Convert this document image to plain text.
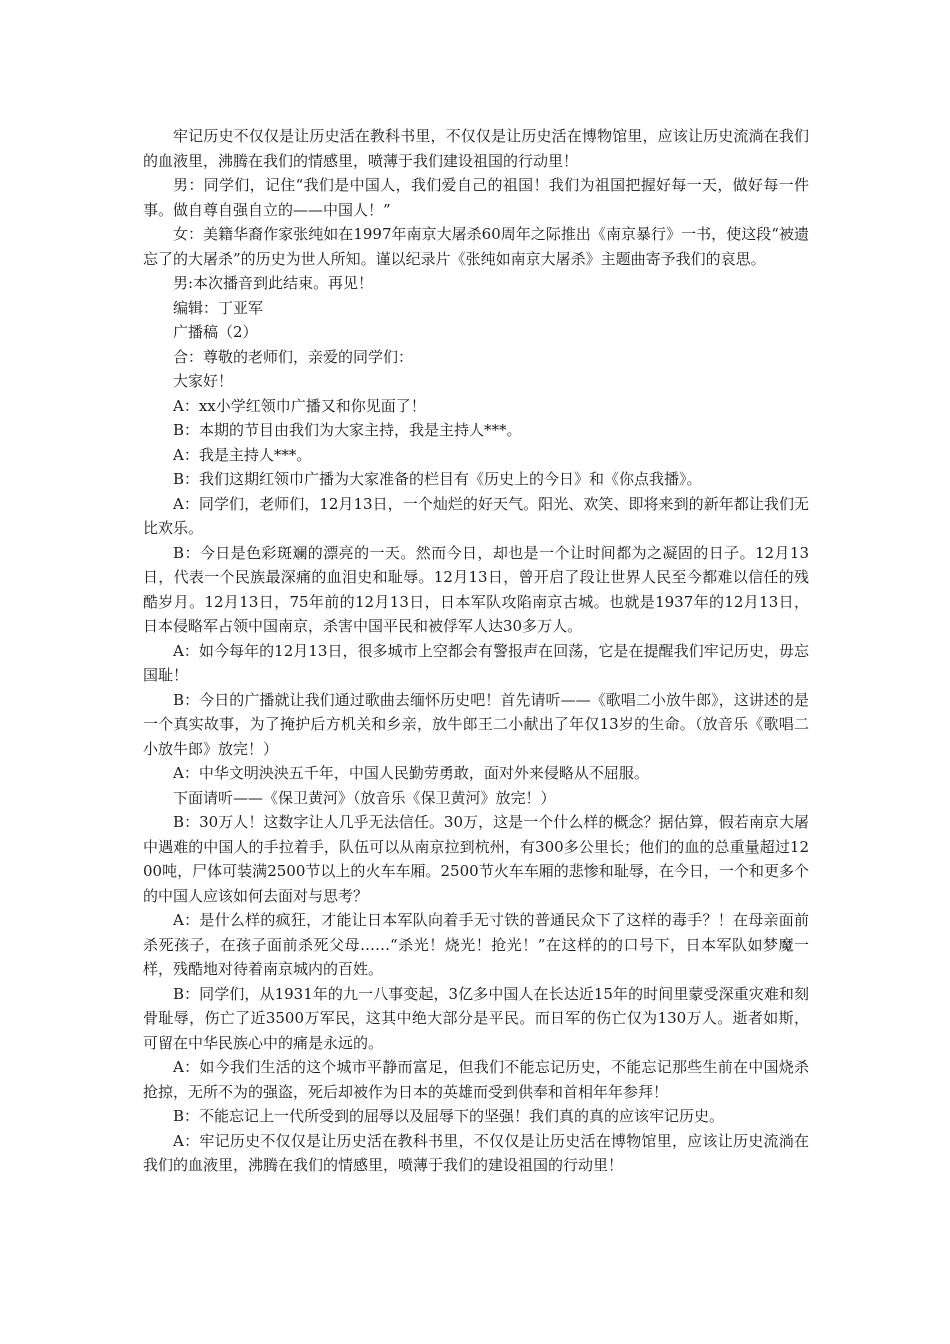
牢记历史不仅仅是让历史活在教科书里，不仅仅是让历史活在博物馆里，应该让历史流淌在我们的血液里，沸腾在我们的情感里，喷薄于我们建设祖国的行动里！

男：同学们，记住“我们是中国人，我们爱自己的祖国！我们为祖国把握好每一天，做好每一件事。做自尊自强自立的——中国人！”

女：美籍华裔作家张纯如在1997年南京大屠杀60周年之际推出《南京暴行》一书，使这段“被遗忘了的大屠杀”的历史为世人所知。谨以纪录片《张纯如南京大屠杀》主题曲寄予我们的哀思。

男:本次播音到此结束。再见！

编辑：丁亚军

广播稿（2）

合：尊敬的老师们，亲爱的同学们：

大家好！

A：xx小学红领巾广播又和你见面了！

B：本期的节目由我们为大家主持，我是主持人***。

A：我是主持人***。

B：我们这期红领巾广播为大家准备的栏目有《历史上的今日》和《你点我播》。

A：同学们，老师们，12月13日，一个灿烂的好天气。阳光、欢笑、即将来到的新年都让我们无比欢乐。

B：今日是色彩斑斓的漂亮的一天。然而今日，却也是一个让时间都为之凝固的日子。12月13日，代表一个民族最深痛的血泪史和耻辱。12月13日，曾开启了段让世界人民至今都难以信任的残酷岁月。12月13日，75年前的12月13日，日本军队攻陷南京古城。也就是1937年的12月13日，日本侵略军占领中国南京，杀害中国平民和被俘军人达30多万人。

A：如今每年的12月13日，很多城市上空都会有警报声在回荡，它是在提醒我们牢记历史，毋忘国耻！

B：今日的广播就让我们通过歌曲去缅怀历史吧！首先请听——《歌唱二小放牛郎》，这讲述的是一个真实故事，为了掩护后方机关和乡亲，放牛郎王二小献出了年仅13岁的生命。（放音乐《歌唱二小放牛郎》放完！）

A：中华文明泱泱五千年，中国人民勤劳勇敢，面对外来侵略从不屈服。

下面请听——《保卫黄河》（放音乐《保卫黄河》放完！）

B：30万人！这数字让人几乎无法信任。30万，这是一个什么样的概念？据估算，假若南京大屠中遇难的中国人的手拉着手，队伍可以从南京拉到杭州，有300多公里长；他们的血的总重量超过1200吨，尸体可装满2500节以上的火车车厢。2500节火车车厢的悲惨和耻辱，在今日，一个和更多个的中国人应该如何去面对与思考？

A：是什么样的疯狂，才能让日本军队向着手无寸铁的普通民众下了这样的毒手？！在母亲面前杀死孩子，在孩子面前杀死父母……“杀光！烧光！抢光！”在这样的的口号下，日本军队如梦魔一样，残酷地对待着南京城内的百姓。

B：同学们，从1931年的九一八事变起，3亿多中国人在长达近15年的时间里蒙受深重灾难和刻骨耻辱，伤亡了近3500万军民，这其中绝大部分是平民。而日军的伤亡仅为130万人。逝者如斯，可留在中华民族心中的痛是永远的。

A：如今我们生活的这个城市平静而富足，但我们不能忘记历史，不能忘记那些生前在中国烧杀抢掠，无所不为的强盗，死后却被作为日本的英雄而受到供奉和首相年年参拜！

B：不能忘记上一代所受到的屈辱以及屈辱下的坚强！我们真的真的应该牢记历史。

A：牢记历史不仅仅是让历史活在教科书里，不仅仅是让历史活在博物馆里，应该让历史流淌在我们的血液里，沸腾在我们的情感里，喷薄于我们的建设祖国的行动里！
